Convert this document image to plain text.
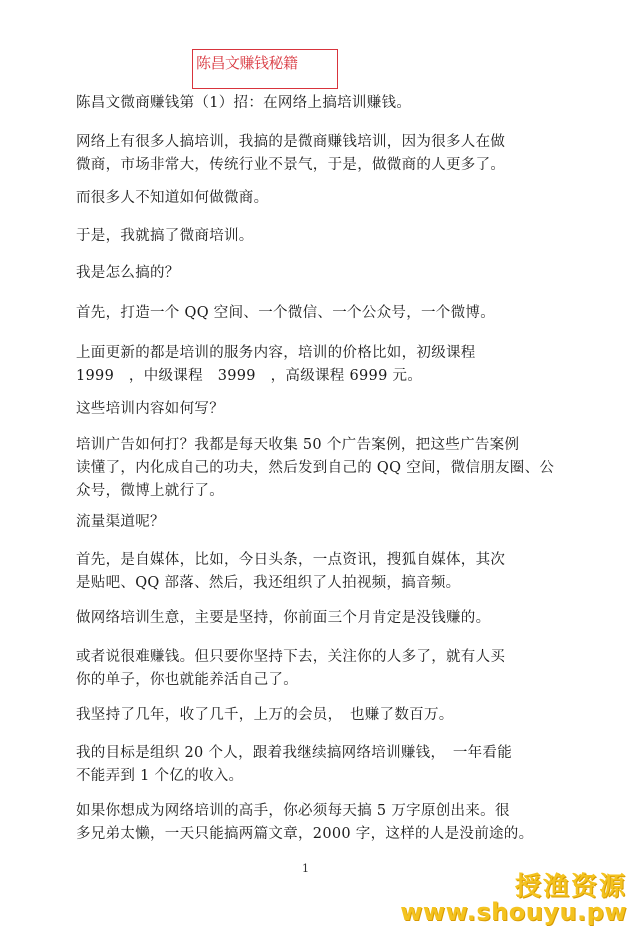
陈昌文赚钱秘籍

陈昌文微商赚钱第（1）招：在网络上搞培训赚钱。

网络上有很多人搞培训，我搞的是微商赚钱培训，因为很多人在做
微商，市场非常大，传统行业不景气，于是，做微商的人更多了。

而很多人不知道如何做微商。

于是，我就搞了微商培训。

我是怎么搞的？

首先，打造一个 QQ 空间、一个微信、一个公众号，一个微博。

上面更新的都是培训的服务内容，培训的价格比如，初级课程
1999　，中级课程　3999　，高级课程 6999 元。

这些培训内容如何写？

培训广告如何打？我都是每天收集 50 个广告案例，把这些广告案例
读懂了，内化成自己的功夫，然后发到自己的 QQ 空间，微信朋友圈、公
众号，微博上就行了。

流量渠道呢？

首先，是自媒体，比如，今日头条，一点资讯，搜狐自媒体，其次
是贴吧、QQ 部落、然后，我还组织了人拍视频，搞音频。

做网络培训生意，主要是坚持，你前面三个月肯定是没钱赚的。

或者说很难赚钱。但只要你坚持下去，关注你的人多了，就有人买
你的单子，你也就能养活自己了。

我坚持了几年，收了几千，上万的会员，　也赚了数百万。

我的目标是组织 20 个人，跟着我继续搞网络培训赚钱，　一年看能
不能弄到 1 个亿的收入。

如果你想成为网络培训的高手，你必须每天搞 5 万字原创出来。很
多兄弟太懒，一天只能搞两篇文章，2000 字，这样的人是没前途的。

1
授渔资源
www.shouyu.pw
